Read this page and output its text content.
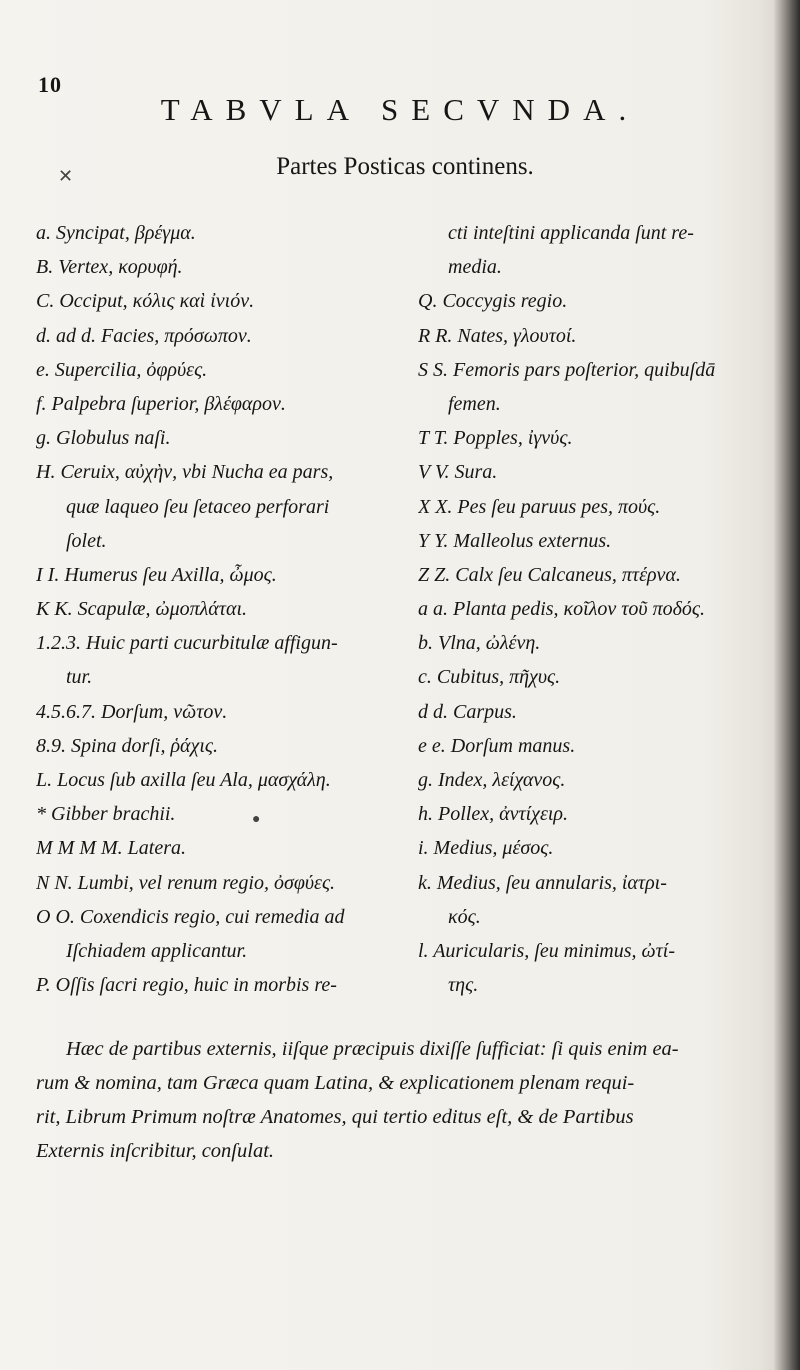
10
TABVLA SECVNDA.
Partes Posticas continens.
✕
●
a. Syncipat, βρέγμα.
B. Vertex, κορυφή.
C. Occiput, κόλις καὶ ἰνιόν.
d. ad d. Facies, πρόσωπον.
e. Supercilia, ὀφρύες.
f. Palpebra ſuperior, βλέφαρον.
g. Globulus naſi.
H. Ceruix, αὐχὴν, vbi Nucha ea pars,
quæ laqueo ſeu ſetaceo perforari
ſolet.
I I. Humerus ſeu Axilla, ὦμος.
K K. Scapulæ, ὠμοπλάται.
1.2.3. Huic parti cucurbitulæ affigun-
tur.
4.5.6.7. Dorſum, νῶτον.
8.9. Spina dorſi, ῥάχις.
L. Locus ſub axilla ſeu Ala, μασχάλη.
* Gibber brachii.
M M M M. Latera.
N N. Lumbi, vel renum regio, ὀσφύες.
O O. Coxendicis regio, cui remedia ad
Iſchiadem applicantur.
P. Oſſis ſacri regio, huic in morbis re-
cti inteſtini applicanda ſunt re-
media.
Q. Coccygis regio.
R R. Nates, γλουτοί.
S S. Femoris pars poſterior, quibuſdā
femen.
T T. Popples, ἰγνύς.
V V. Sura.
X X. Pes ſeu paruus pes, πούς.
Y Y. Malleolus externus.
Z Z. Calx ſeu Calcaneus, πτέρνα.
a a. Planta pedis, κοῖλον τοῦ ποδός.
b. Vlna, ὠλένη.
c. Cubitus, πῆχυς.
d d. Carpus.
e e. Dorſum manus.
g. Index, λείχανος.
h. Pollex, ἀντίχειρ.
i. Medius, μέσος.
k. Medius, ſeu annularis, ἰατρι-
κός.
l. Auricularis, ſeu minimus, ὠτί-
της.
Hæc de partibus externis, iiſque præcipuis dixiſſe ſufficiat: ſi quis enim ea-
rum & nomina, tam Græca quam Latina, & explicationem plenam requi-
rit, Librum Primum noſtræ Anatomes, qui tertio editus eſt, & de Partibus
Externis inſcribitur, conſulat.
